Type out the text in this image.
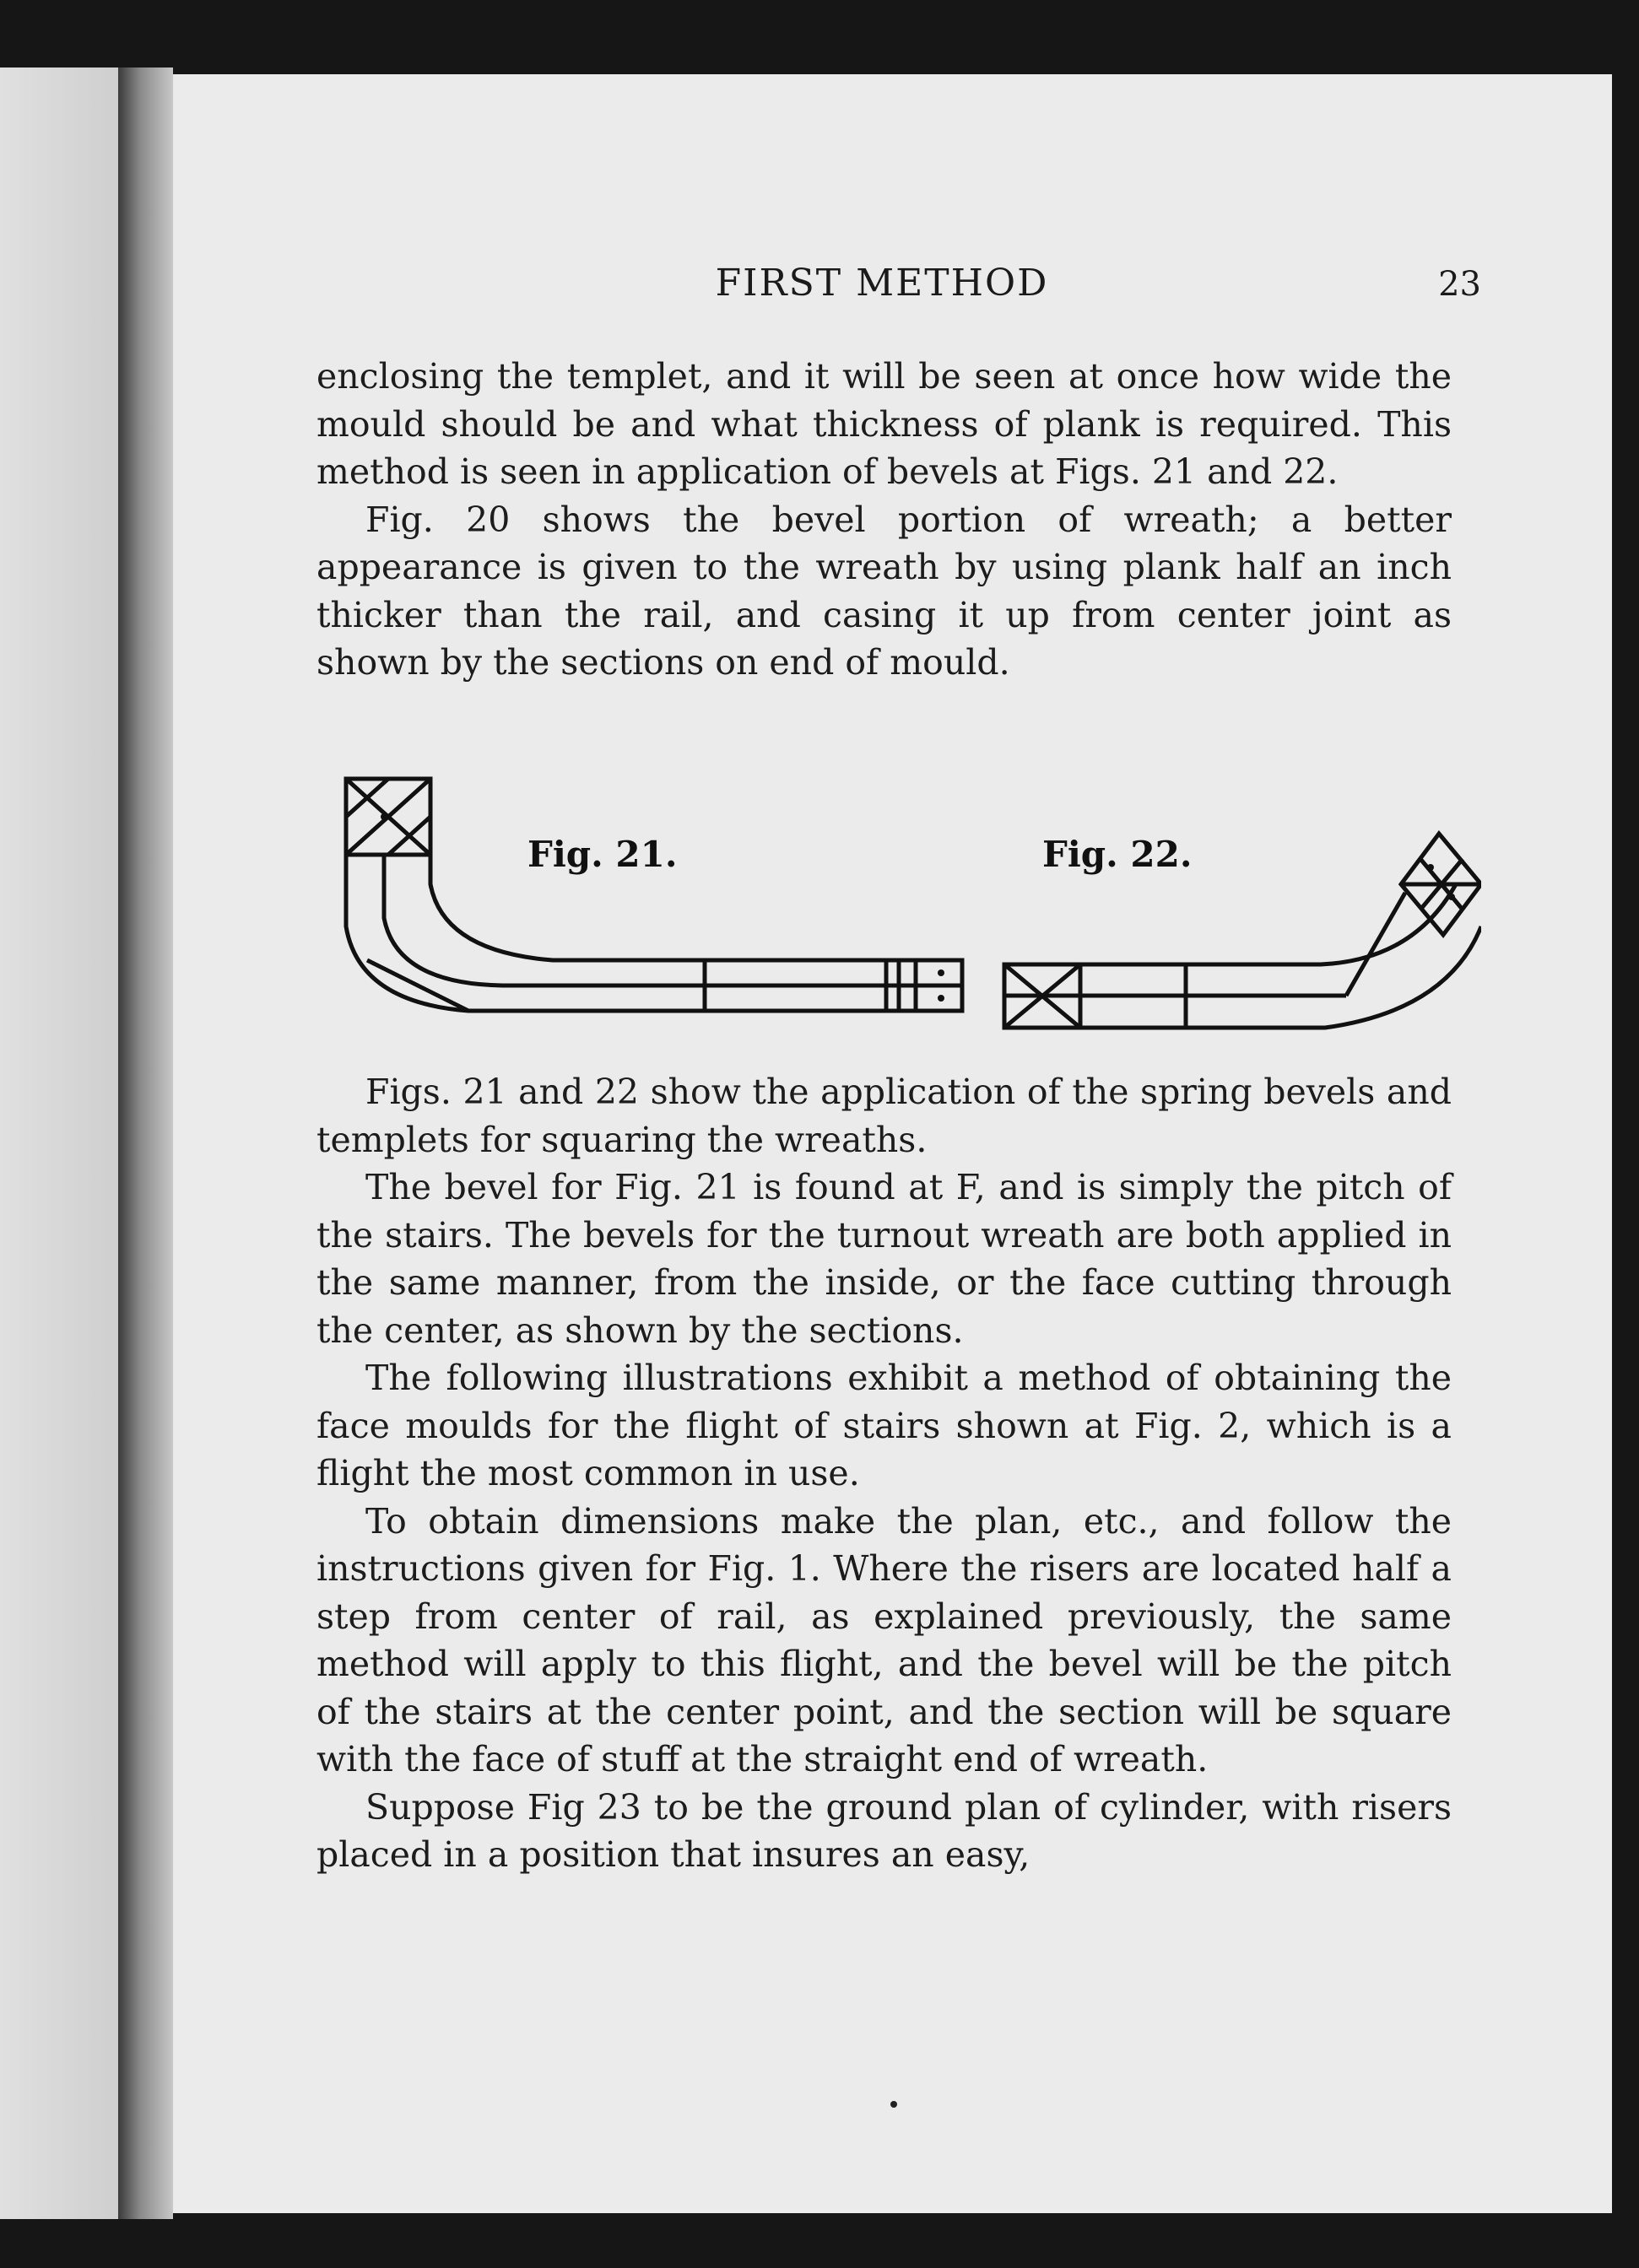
FIRST METHOD	23

enclosing the templet, and it will be seen at once how wide the mould should be and what thickness of plank is required. This method is seen in application of bevels at Figs. 21 and 22.

Fig. 20 shows the bevel portion of wreath; a better appearance is given to the wreath by using plank half an inch thicker than the rail, and casing it up from center joint as shown by the sections on end of mould.

Fig. 21.	Fig. 22.

Figs. 21 and 22 show the application of the spring bevels and templets for squaring the wreaths.

The bevel for Fig. 21 is found at F, and is simply the pitch of the stairs. The bevels for the turnout wreath are both applied in the same manner, from the inside, or the face cutting through the center, as shown by the sections.

The following illustrations exhibit a method of obtaining the face moulds for the flight of stairs shown at Fig. 2, which is a flight the most common in use.

To obtain dimensions make the plan, etc., and follow the instructions given for Fig. 1. Where the risers are located half a step from center of rail, as explained previously, the same method will apply to this flight, and the bevel will be the pitch of the stairs at the center point, and the section will be square with the face of stuff at the straight end of wreath.

Suppose Fig 23 to be the ground plan of cylinder, with risers placed in a position that insures an easy,
